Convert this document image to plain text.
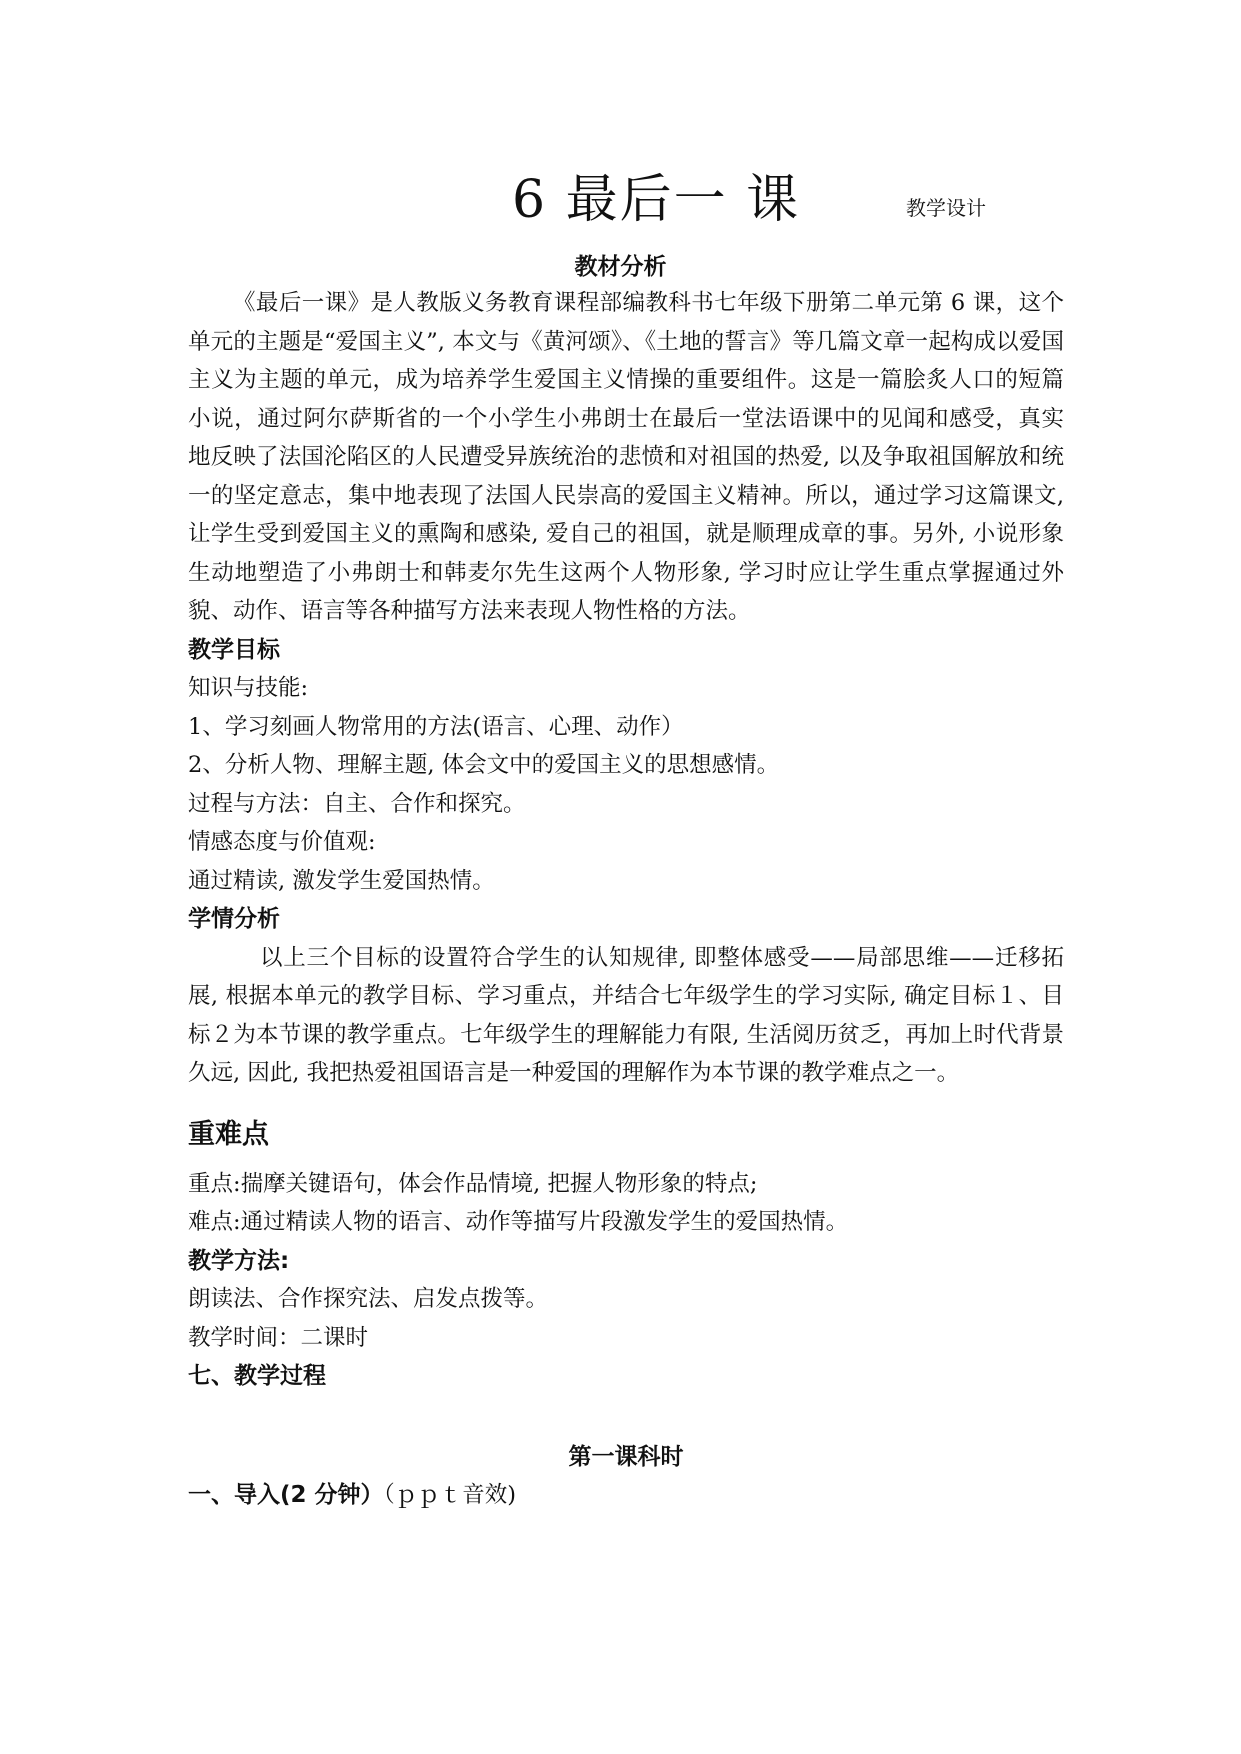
6 最后一 课	教学设计
教材分析

《最后一课》是人教版义务教育课程部编教科书七年级下册第二单元第 6 课，这个单元的主题是“爱国主义”, 本文与《黄河颂》、《土地的誓言》等几篇文章一起构成以爱国主义为主题的单元，成为培养学生爱国主义情操的重要组件。这是一篇脍炙人口的短篇小说，通过阿尔萨斯省的一个小学生小弗朗士在最后一堂法语课中的见闻和感受，真实地反映了法国沦陷区的人民遭受异族统治的悲愤和对祖国的热爱, 以及争取祖国解放和统一的坚定意志，集中地表现了法国人民崇高的爱国主义精神。所以，通过学习这篇课文, 让学生受到爱国主义的熏陶和感染, 爱自己的祖国，就是顺理成章的事。另外, 小说形象生动地塑造了小弗朗士和韩麦尔先生这两个人物形象, 学习时应让学生重点掌握通过外貌、动作、语言等各种描写方法来表现人物性格的方法。

教学目标

知识与技能:

1、学习刻画人物常用的方法(语言、心理、动作）

2、分析人物、理解主题, 体会文中的爱国主义的思想感情。

过程与方法：自主、合作和探究。

情感态度与价值观:

通过精读, 激发学生爱国热情。

学情分析

以上三个目标的设置符合学生的认知规律, 即整体感受——局部思维——迁移拓展, 根据本单元的教学目标、学习重点，并结合七年级学生的学习实际, 确定目标１、目标２为本节课的教学重点。七年级学生的理解能力有限, 生活阅历贫乏，再加上时代背景久远, 因此, 我把热爱祖国语言是一种爱国的理解作为本节课的教学难点之一。

重难点

重点:揣摩关键语句，体会作品情境, 把握人物形象的特点;

难点:通过精读人物的语言、动作等描写片段激发学生的爱国热情。

教学方法:

朗读法、合作探究法、启发点拨等。

教学时间：二课时

七、教学过程

第一课科时

一、导入(2 分钟）（ｐｐｔ音效)
